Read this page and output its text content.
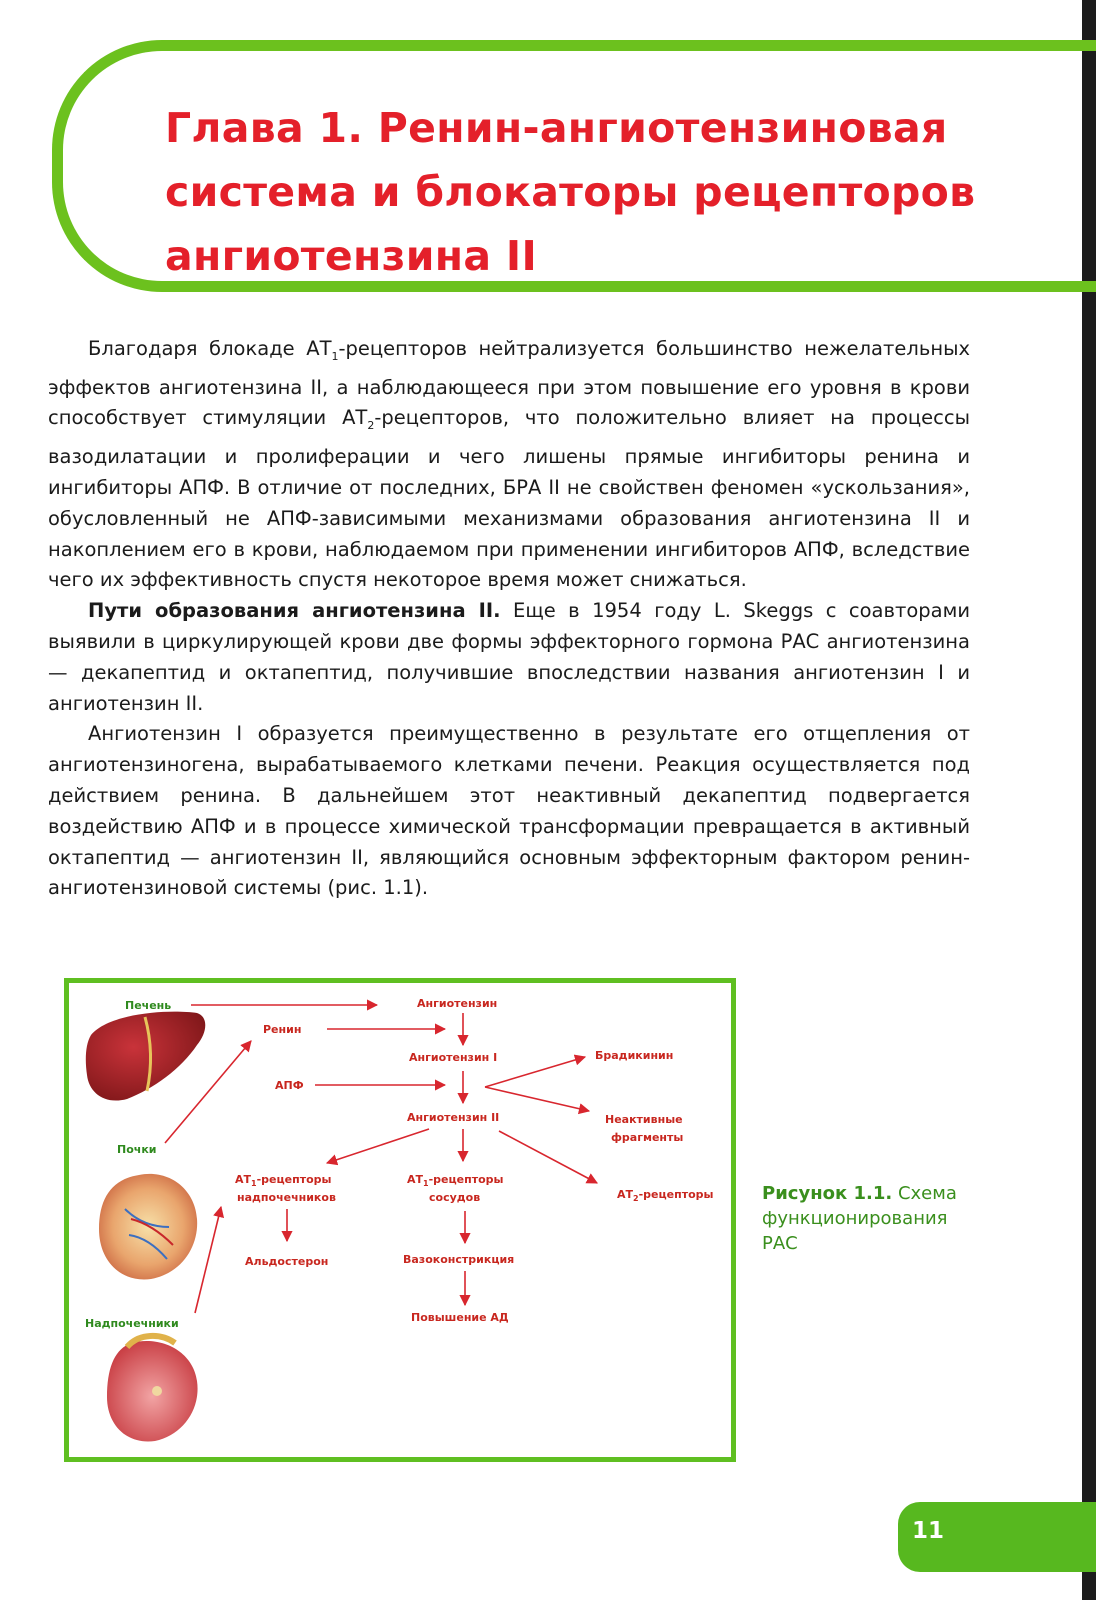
Глава 1. Ренин-ангиотензиновая система и блокаторы рецепторов ангиотензина II

Благодаря блокаде $АТ_1$-рецепторов нейтрализуется большинство нежелательных эффектов ангиотензина II, а наблюдающееся при этом повышение его уровня в крови способствует стимуляции $АТ_2$-рецепторов, что положительно влияет на процессы вазодилатации и пролиферации и чего лишены прямые ингибиторы ренина и ингибиторы АПФ. В отличие от последних, БРА II не свойствен феномен «ускользания», обусловленный не АПФ-зависимыми механизмами образования ангиотензина II и накоплением его в крови, наблюдаемом при применении ингибиторов АПФ, вследствие чего их эффективность спустя некоторое время может снижаться.

Пути образования ангиотензина II. Еще в 1954 году L. Skeggs с соавторами выявили в циркулирующей крови две формы эффекторного гормона РАС ангиотензина — декапептид и октапептид, получившие впоследствии названия ангиотензин I и ангиотензин II.

Ангиотензин I образуется преимущественно в результате его отщепления от ангиотензиногена, вырабатываемого клетками печени. Реакция осуществляется под действием ренина. В дальнейшем этот неактивный декапептид подвергается воздействию АПФ и в процессе химической трансформации превращается в активный октапептид — ангиотензин II, являющийся основным эффекторным фактором ренин-ангиотензиновой системы (рис. 1.1).

Печень
Почки
Надпочечники
Ангиотензин
Ренин
АПФ
Ангиотензин I
Ангиотензин II
Брадикинин
Неактивные
фрагменты
$АТ_1$-рецепторы
надпочечников
$АТ_1$-рецепторы
сосудов	$АТ_2$-рецепторы
Альдостерон	Вазоконстрикция
Повышение АД
Рисунок 1.1. Схема функционирования РАС
11
